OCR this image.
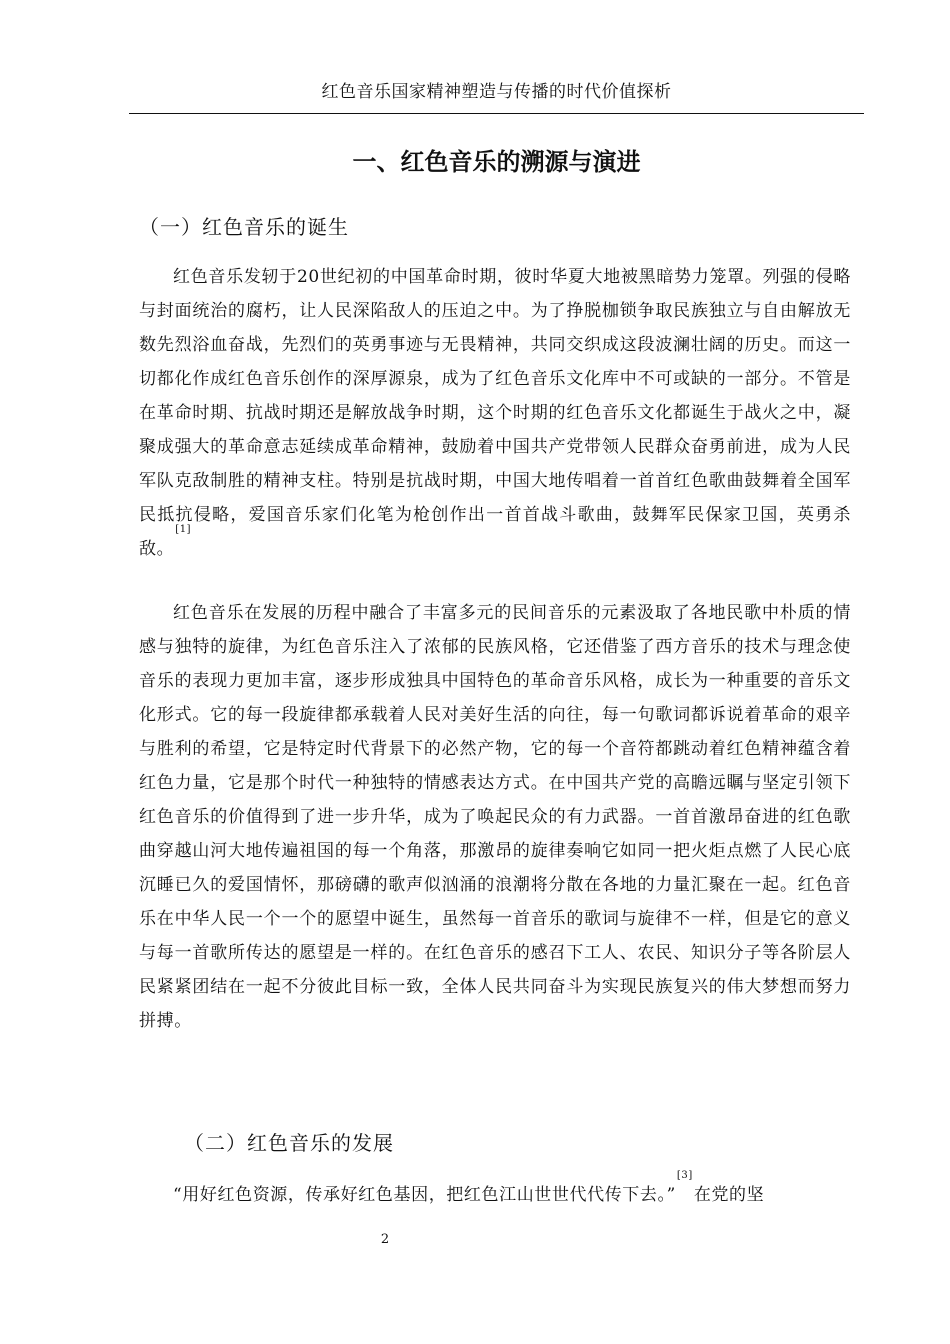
红色音乐国家精神塑造与传播的时代价值探析
一、红色音乐的溯源与演进
（一）红色音乐的诞生

红色音乐发轫于20世纪初的中国革命时期，彼时华夏大地被黑暗势力笼罩。列强的侵略与封面统治的腐朽，让人民深陷敌人的压迫之中。为了挣脱枷锁争取民族独立与自由解放无数先烈浴血奋战，先烈们的英勇事迹与无畏精神，共同交织成这段波澜壮阔的历史。而这一切都化作成红色音乐创作的深厚源泉，成为了红色音乐文化库中不可或缺的一部分。不管是在革命时期、抗战时期还是解放战争时期，这个时期的红色音乐文化都诞生于战火之中，凝聚成强大的革命意志延续成革命精神，鼓励着中国共产党带领人民群众奋勇前进，成为人民军队克敌制胜的精神支柱。特别是抗战时期，中国大地传唱着一首首红色歌曲鼓舞着全国军民抵抗侵略，爱国音乐家们化笔为枪创作出一首首战斗歌曲，鼓舞军民保家卫国，英勇杀敌。[1]

红色音乐在发展的历程中融合了丰富多元的民间音乐的元素汲取了各地民歌中朴质的情感与独特的旋律，为红色音乐注入了浓郁的民族风格，它还借鉴了西方音乐的技术与理念使音乐的表现力更加丰富，逐步形成独具中国特色的革命音乐风格，成长为一种重要的音乐文化形式。它的每一段旋律都承载着人民对美好生活的向往，每一句歌词都诉说着革命的艰辛与胜利的希望，它是特定时代背景下的必然产物，它的每一个音符都跳动着红色精神蕴含着红色力量，它是那个时代一种独特的情感表达方式。在中国共产党的高瞻远瞩与坚定引领下红色音乐的价值得到了进一步升华，成为了唤起民众的有力武器。一首首激昂奋进的红色歌曲穿越山河大地传遍祖国的每一个角落，那激昂的旋律奏响它如同一把火炬点燃了人民心底沉睡已久的爱国情怀，那磅礴的歌声似汹涌的浪潮将分散在各地的力量汇聚在一起。红色音乐在中华人民一个一个的愿望中诞生，虽然每一首音乐的歌词与旋律不一样，但是它的意义与每一首歌所传达的愿望是一样的。在红色音乐的感召下工人、农民、知识分子等各阶层人民紧紧团结在一起不分彼此目标一致，全体人民共同奋斗为实现民族复兴的伟大梦想而努力拼搏。

（二）红色音乐的发展

“用好红色资源，传承好红色基因，把红色江山世世代代传下去。”[3]在党的坚

2
